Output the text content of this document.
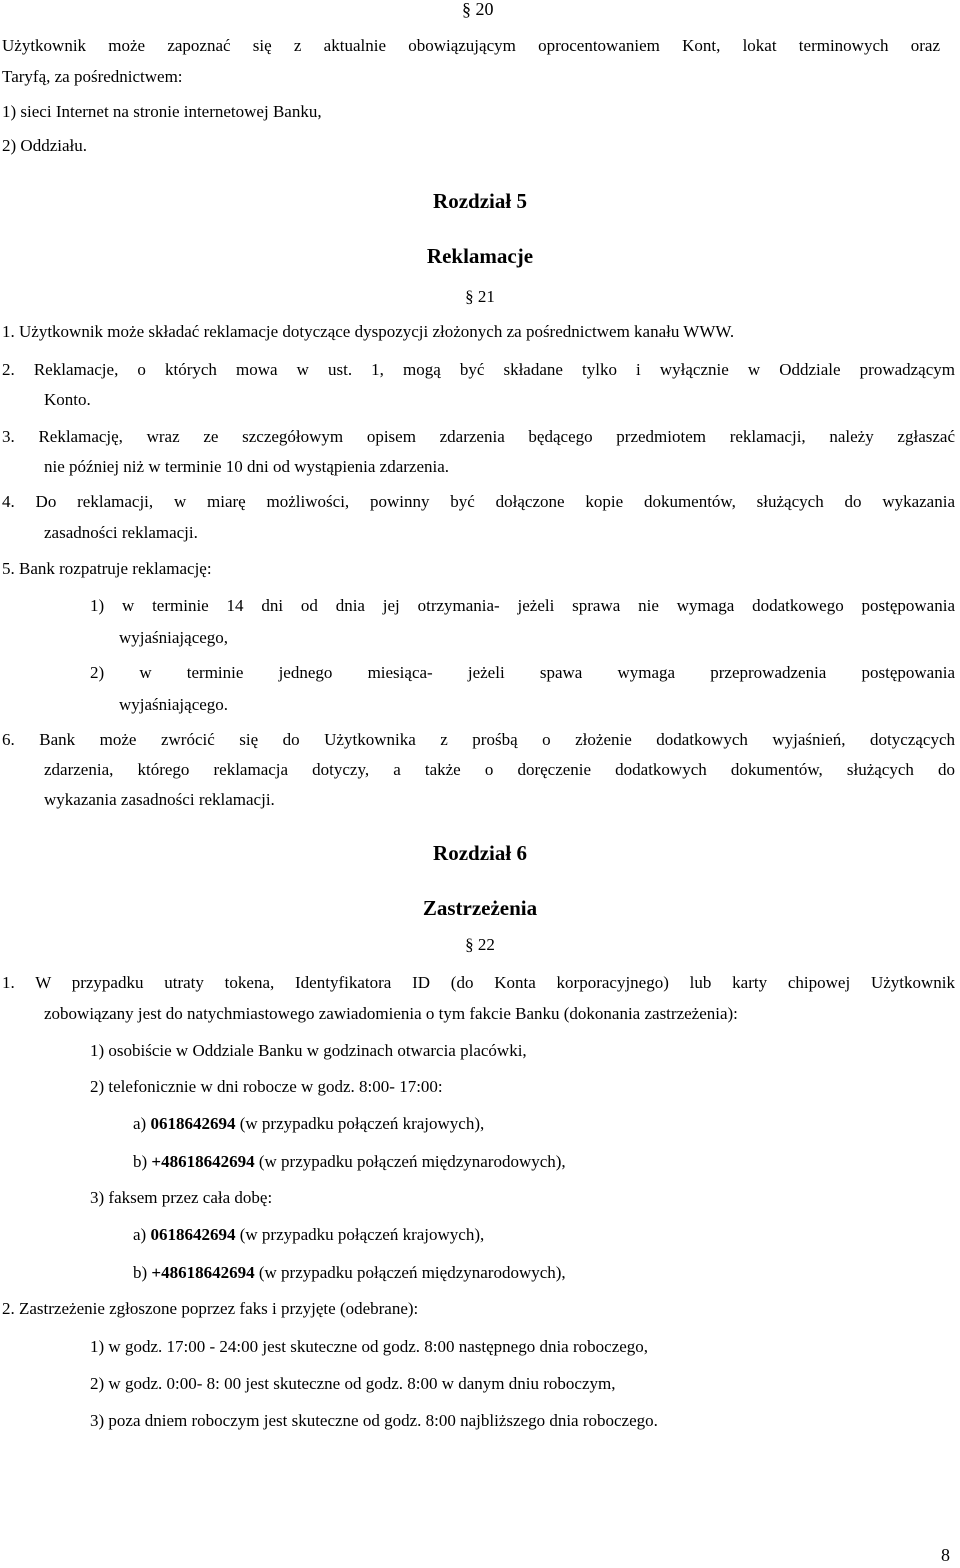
§ 20
Użytkownik może zapoznać się z aktualnie obowiązującym oprocentowaniem Kont, lokat terminowych oraz
Taryfą, za pośrednictwem:
1) sieci Internet na stronie internetowej Banku,
2) Oddziału.
Rozdział 5
Reklamacje
§ 21
1. Użytkownik może składać reklamacje dotyczące dyspozycji złożonych za pośrednictwem kanału WWW.
2. Reklamacje, o których mowa w ust. 1, mogą być składane tylko i wyłącznie w Oddziale prowadzącym
Konto.
3. Reklamację, wraz ze szczegółowym opisem zdarzenia będącego przedmiotem reklamacji, należy zgłaszać
nie później niż w terminie 10 dni od wystąpienia zdarzenia.
4. Do reklamacji, w miarę możliwości, powinny być dołączone kopie dokumentów, służących do wykazania
zasadności reklamacji.
5. Bank rozpatruje reklamację:
1) w terminie 14 dni od dnia jej otrzymania- jeżeli sprawa nie wymaga dodatkowego postępowania
wyjaśniającego,
2) w terminie jednego miesiąca- jeżeli spawa wymaga przeprowadzenia postępowania
wyjaśniającego.
6. Bank może zwrócić się do Użytkownika z prośbą o złożenie dodatkowych wyjaśnień, dotyczących
zdarzenia, którego reklamacja dotyczy, a także o doręczenie dodatkowych dokumentów, służących do
wykazania zasadności reklamacji.
Rozdział 6
Zastrzeżenia
§ 22
1. W przypadku utraty tokena, Identyfikatora ID (do Konta korporacyjnego) lub karty chipowej Użytkownik
zobowiązany jest do natychmiastowego zawiadomienia o tym fakcie Banku (dokonania zastrzeżenia):
1) osobiście w Oddziale Banku w godzinach otwarcia placówki,
2) telefonicznie w dni robocze w godz. 8:00- 17:00:
a) 0618642694 (w przypadku połączeń krajowych),
b) +48618642694 (w przypadku połączeń międzynarodowych),
3) faksem przez cała dobę:
a) 0618642694 (w przypadku połączeń krajowych),
b) +48618642694 (w przypadku połączeń międzynarodowych),
2. Zastrzeżenie zgłoszone poprzez faks i przyjęte (odebrane):
1) w godz. 17:00 - 24:00 jest skuteczne od godz. 8:00 następnego dnia roboczego,
2) w godz. 0:00- 8: 00 jest skuteczne od godz. 8:00 w danym dniu roboczym,
3) poza dniem roboczym jest skuteczne od godz. 8:00 najbliższego dnia roboczego.
8
